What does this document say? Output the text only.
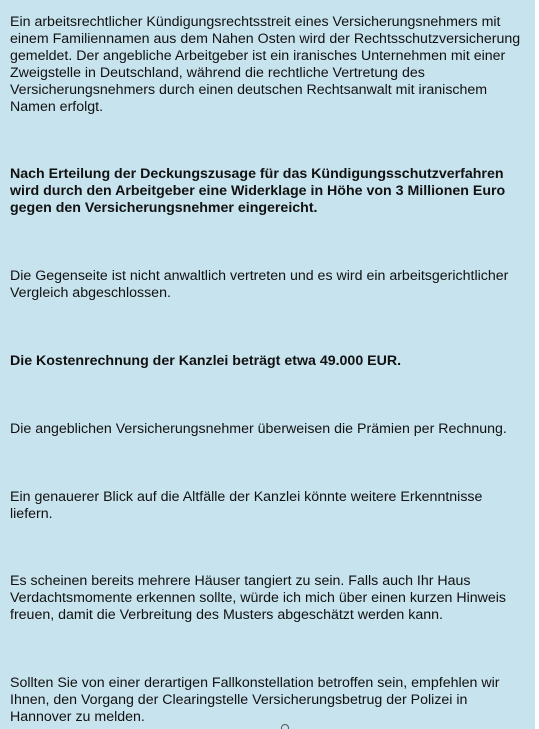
Ein arbeitsrechtlicher Kündigungsrechtsstreit eines Versicherungsnehmers mit einem Familiennamen aus dem Nahen Osten wird der Rechtsschutzversicherung gemeldet. Der angebliche Arbeitgeber ist ein iranisches Unternehmen mit einer Zweigstelle in Deutschland, während die rechtliche Vertretung des Versicherungsnehmers durch einen deutschen Rechtsanwalt mit iranischem Namen erfolgt.

Nach Erteilung der Deckungszusage für das Kündigungsschutzverfahren wird durch den Arbeitgeber eine Widerklage in Höhe von 3 Millionen Euro gegen den Versicherungsnehmer eingereicht.

Die Gegenseite ist nicht anwaltlich vertreten und es wird ein arbeitsgerichtlicher Vergleich abgeschlossen.

Die Kostenrechnung der Kanzlei beträgt etwa 49.000 EUR.

Die angeblichen Versicherungsnehmer überweisen die Prämien per Rechnung.

Ein genauerer Blick auf die Altfälle der Kanzlei könnte weitere Erkenntnisse liefern.

Es scheinen bereits mehrere Häuser tangiert zu sein. Falls auch Ihr Haus Verdachtsmomente erkennen sollte, würde ich mich über einen kurzen Hinweis freuen, damit die Verbreitung des Musters abgeschätzt werden kann.

Sollten Sie von einer derartigen Fallkonstellation betroffen sein, empfehlen wir Ihnen, den Vorgang der Clearingstelle Versicherungsbetrug der Polizei in Hannover zu melden.
